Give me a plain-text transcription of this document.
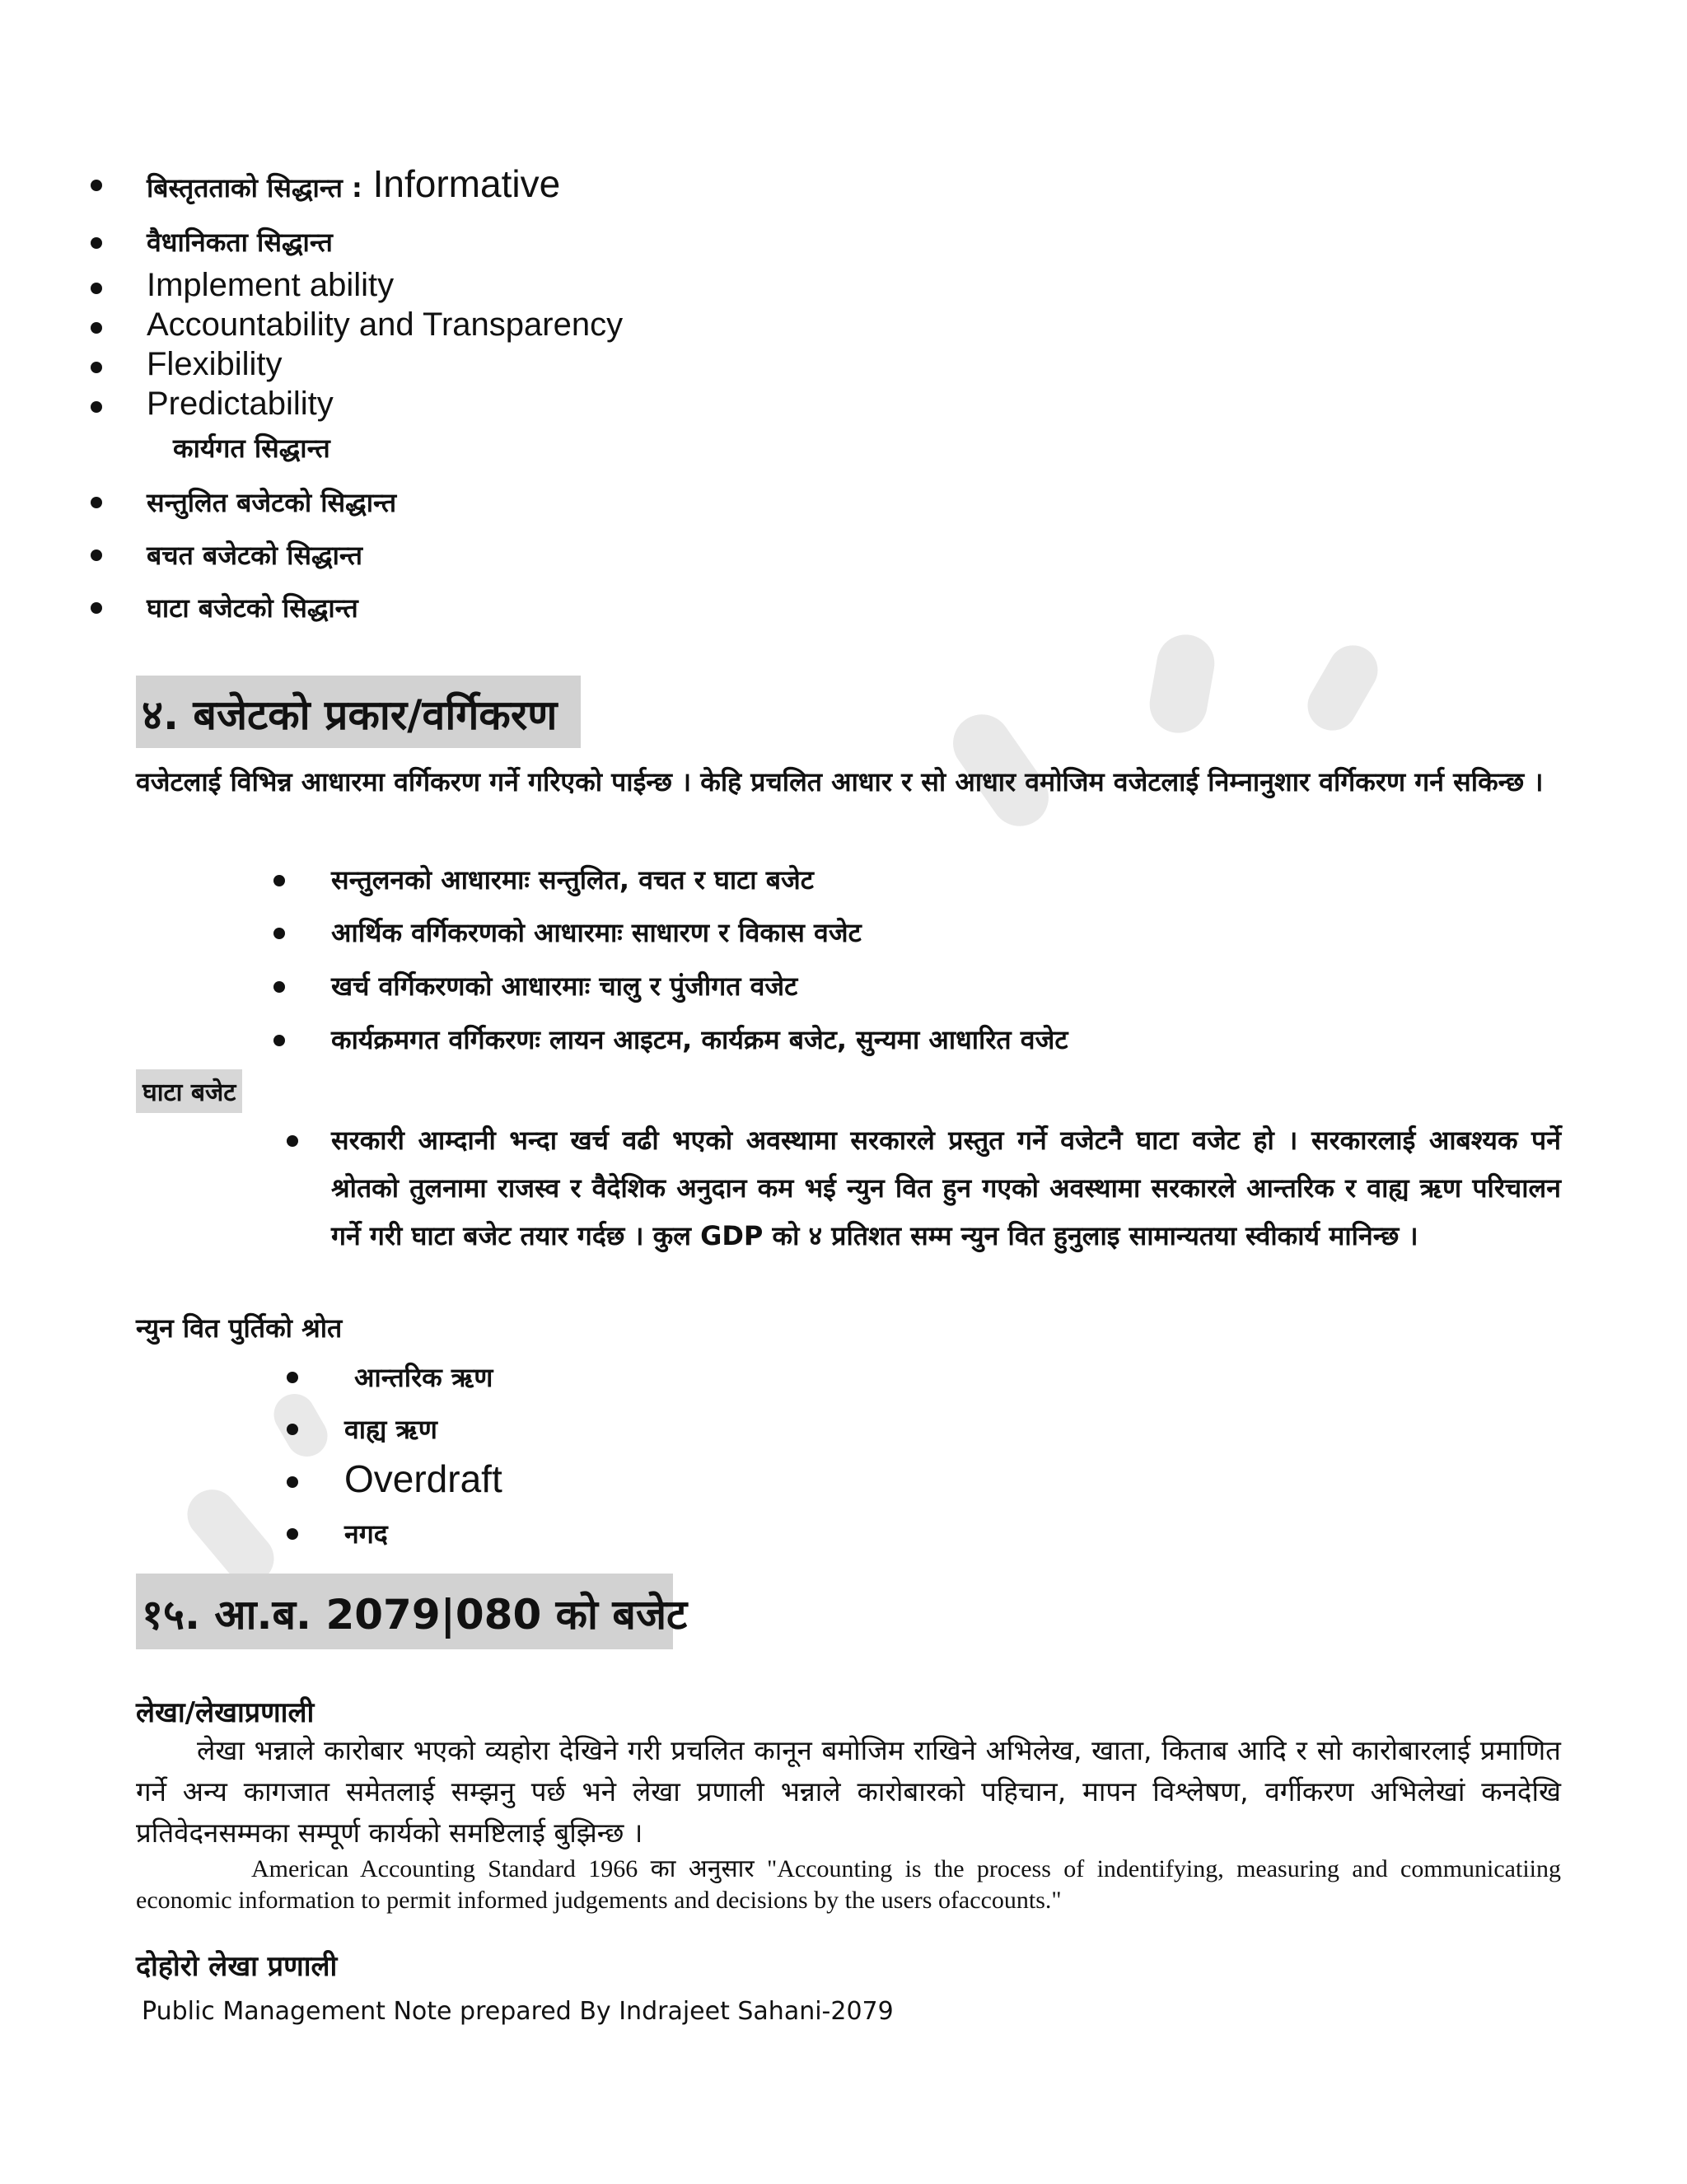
बिस्तृतताको सिद्धान्त : Informative
वैधानिकता सिद्धान्त
Implement ability
Accountability and Transparency
Flexibility
Predictability
कार्यगत सिद्धान्त
सन्तुलित बजेटको सिद्धान्त
बचत बजेटको सिद्धान्त
घाटा बजेटको सिद्धान्त
४. बजेटको प्रकार/वर्गिकरण
वजेटलाई विभिन्न आधारमा वर्गिकरण गर्ने गरिएको पाईन्छ । केहि प्रचलित आधार र सो आधार वमोजिम वजेटलाई निम्नानुशार वर्गिकरण गर्न सकिन्छ ।
सन्तुलनको आधारमाः सन्तुलित, वचत र घाटा बजेट
आर्थिक वर्गिकरणको आधारमाः साधारण र विकास वजेट
खर्च वर्गिकरणको आधारमाः चालु र पुंजीगत वजेट
कार्यक्रमगत वर्गिकरणः लायन आइटम, कार्यक्रम बजेट, सुन्यमा आधारित वजेट
घाटा बजेट
सरकारी आम्दानी भन्दा खर्च वढी भएको अवस्थामा सरकारले प्रस्तुत गर्ने वजेटनै घाटा वजेट हो । सरकारलाई आबश्यक पर्ने श्रोतको तुलनामा राजस्व र वैदेशिक अनुदान कम भई न्युन वित हुन गएको अवस्थामा सरकारले आन्तरिक र वाह्य ऋण परिचालन गर्ने गरी घाटा बजेट तयार गर्दछ । कुल GDP को ४ प्रतिशत सम्म न्युन वित हुनुलाइ सामान्यतया स्वीकार्य मानिन्छ ।
न्युन वित पुर्तिको श्रोत
आन्तरिक ऋण
वाह्य ऋण
Overdraft
नगद
१५. आ.ब. 2079|080 को बजेट
लेखा/लेखाप्रणाली
लेखा भन्नाले कारोबार भएको व्यहोरा देखिने गरी प्रचलित कानून बमोजिम राखिने अभिलेख, खाता, किताब आदि र सो कारोबारलाई प्रमाणित गर्ने अन्य कागजात समेतलाई सम्झनु पर्छ भने लेखा प्रणाली भन्नाले कारोबारको पहिचान, मापन विश्लेषण, वर्गीकरण अभिलेखां कनदेखि प्रतिवेदनसम्मका सम्पूर्ण कार्यको समष्टिलाई बुझिन्छ ।
American Accounting Standard 1966 का अनुसार "Accounting is the process of indentifying, measuring and communicatiing economic information to permit informed judgements and decisions by the users ofaccounts."
दोहोरो लेखा प्रणाली
Public Management Note prepared By Indrajeet Sahani-2079
